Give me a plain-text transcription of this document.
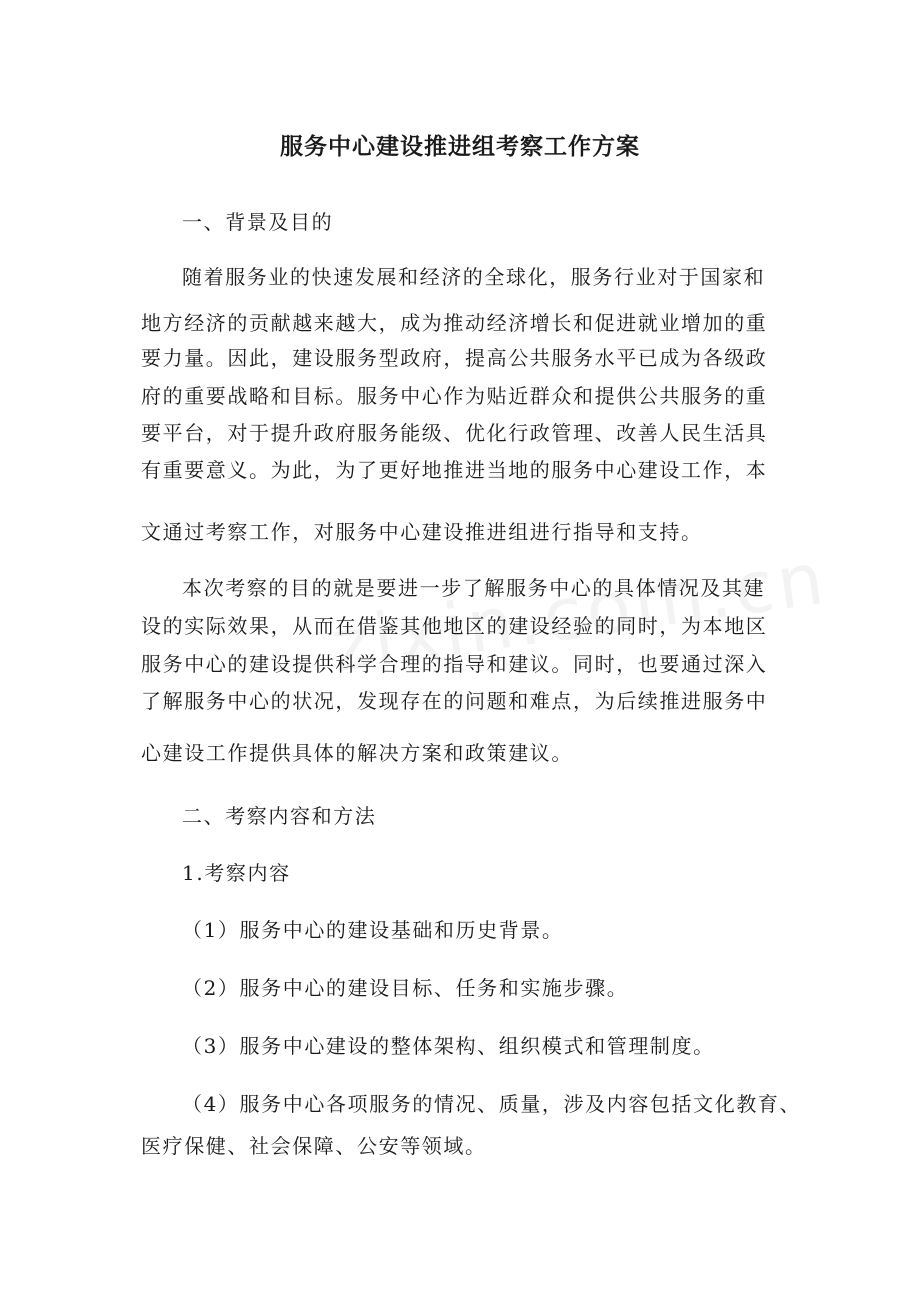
服务中心建设推进组考察工作方案
一、背景及目的
随着服务业的快速发展和经济的全球化，服务行业对于国家和
地方经济的贡献越来越大，成为推动经济增长和促进就业增加的重
要力量。因此，建设服务型政府，提高公共服务水平已成为各级政
府的重要战略和目标。服务中心作为贴近群众和提供公共服务的重
要平台，对于提升政府服务能级、优化行政管理、改善人民生活具
有重要意义。为此，为了更好地推进当地的服务中心建设工作，本
文通过考察工作，对服务中心建设推进组进行指导和支持。
本次考察的目的就是要进一步了解服务中心的具体情况及其建
设的实际效果，从而在借鉴其他地区的建设经验的同时，为本地区
服务中心的建设提供科学合理的指导和建议。同时，也要通过深入
了解服务中心的状况，发现存在的问题和难点，为后续推进服务中
心建设工作提供具体的解决方案和政策建议。
二、考察内容和方法
1.考察内容
（1）服务中心的建设基础和历史背景。
（2）服务中心的建设目标、任务和实施步骤。
（3）服务中心建设的整体架构、组织模式和管理制度。
（4）服务中心各项服务的情况、质量，涉及内容包括文化教育、
医疗保健、社会保障、公安等领域。
